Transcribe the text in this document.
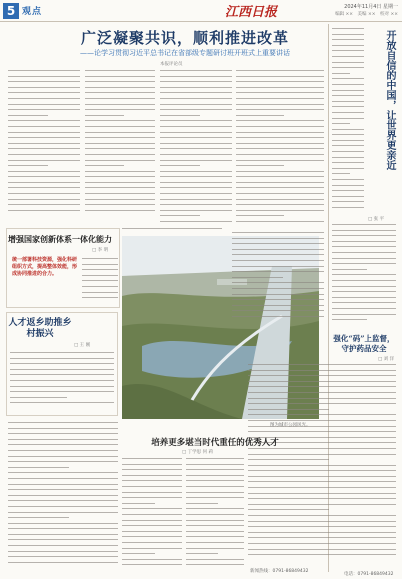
5 观点	江西日报	2024年11月4日 星期一
编辑 ××　美编 ××　校对 ××
广泛凝聚共识，顺利推进改革
——论学习贯彻习近平总书记在省部级专题研讨班开班式上重要讲话
本报评论员	开放自信的中国，让世界更亲近
□ 张 平
增强国家创新体系一体化能力
□ 李 明
统一部署科技资源，强化科研组织方式，提高整体效能，形成协同推进的合力。
人才返乡助推乡村振兴
□ 王 刚
强化“码”上监督，守护药品安全
□ 刘 洋
培养更多堪当时代重任的优秀人才
□ 丁学思 何 莉
新闻热线：0791-86849432
电话：0791-86849432
